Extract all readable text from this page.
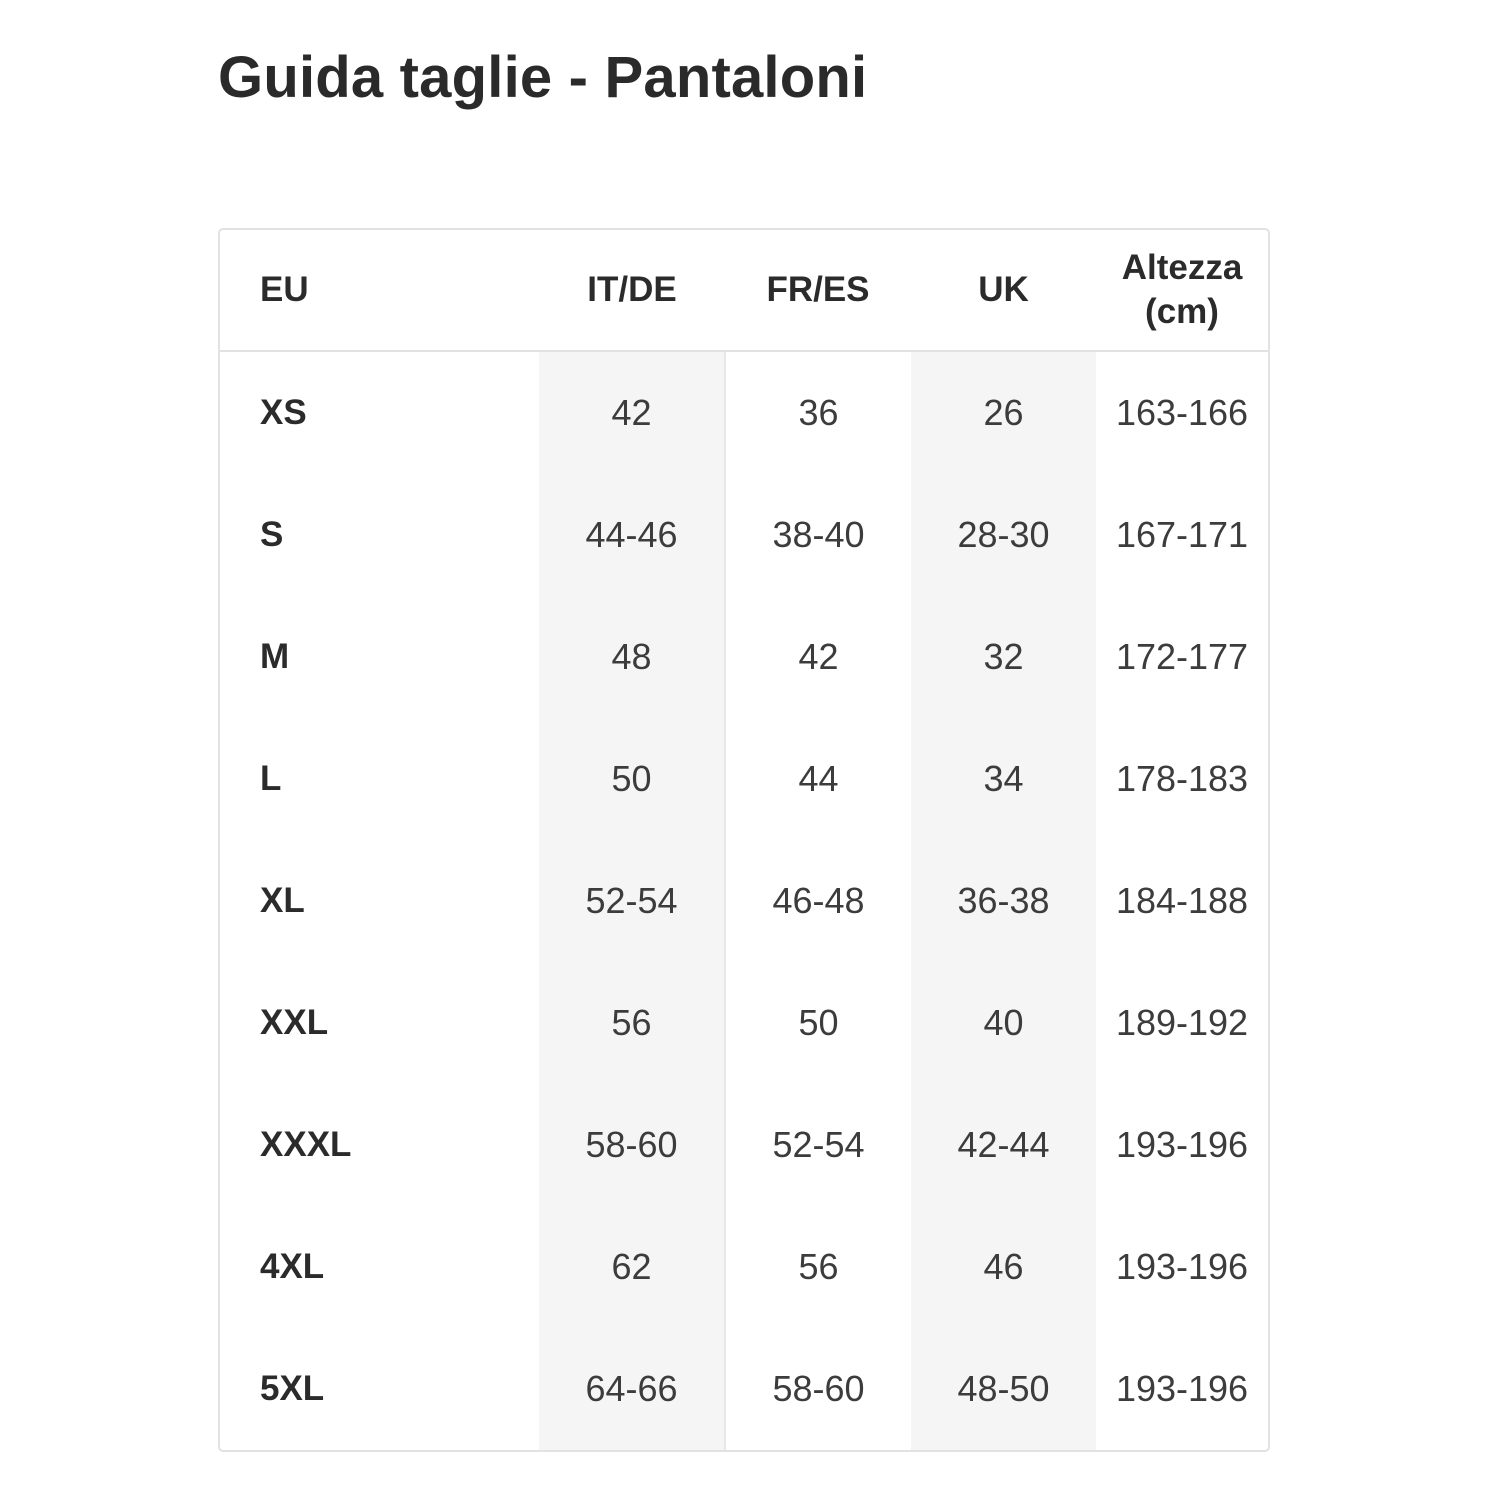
Guida taglie - Pantaloni
EU	IT/DE	FR/ES	UK	Altezza (cm)
XS	42	36	26	163-166
S	44-46	38-40	28-30	167-171
M	48	42	32	172-177
L	50	44	34	178-183
XL	52-54	46-48	36-38	184-188
XXL	56	50	40	189-192
XXXL	58-60	52-54	42-44	193-196
4XL	62	56	46	193-196
5XL	64-66	58-60	48-50	193-196
